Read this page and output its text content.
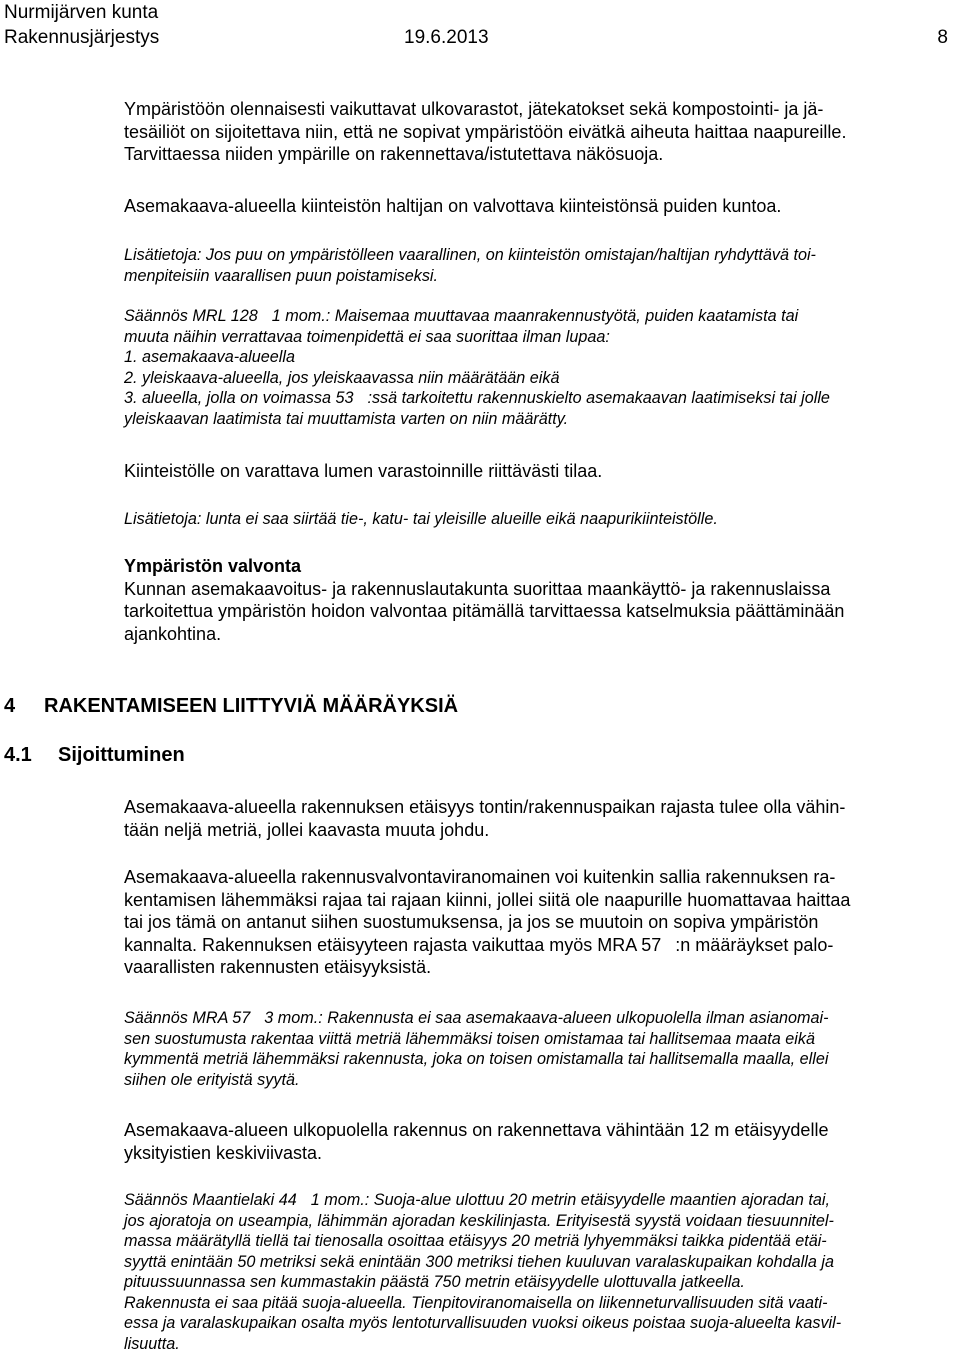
Nurmijärven kunta
Rakennusjärjestys	19.6.2013	8
Ympäristöön olennaisesti vaikuttavat ulkovarastot, jätekatokset sekä kompostointi- ja jä-
tesäiliöt on sijoitettava niin, että ne sopivat ympäristöön eivätkä aiheuta haittaa naapureille.
Tarvittaessa niiden ympärille on rakennettava/istutettava näkösuoja.
Asemakaava-alueella kiinteistön haltijan on valvottava kiinteistönsä puiden kuntoa.
Lisätietoja: Jos puu on ympäristölleen vaarallinen, on kiinteistön omistajan/haltijan ryhdyttävä toi-
menpiteisiin vaarallisen puun poistamiseksi.
Säännös MRL 128 1 mom.: Maisemaa muuttavaa maanrakennustyötä, puiden kaatamista tai
muuta näihin verrattavaa toimenpidettä ei saa suorittaa ilman lupaa:
1. asemakaava-alueella
2. yleiskaava-alueella, jos yleiskaavassa niin määrätään eikä
3. alueella, jolla on voimassa 53 :ssä tarkoitettu rakennuskielto asemakaavan laatimiseksi tai jolle
yleiskaavan laatimista tai muuttamista varten on niin määrätty.
Kiinteistölle on varattava lumen varastoinnille riittävästi tilaa.
Lisätietoja: lunta ei saa siirtää tie-, katu- tai yleisille alueille eikä naapurikiinteistölle.
Ympäristön valvonta
Kunnan asemakaavoitus- ja rakennuslautakunta suorittaa maankäyttö- ja rakennuslaissa
tarkoitettua ympäristön hoidon valvontaa pitämällä tarvittaessa katselmuksia päättäminään
ajankohtina.
4 RAKENTAMISEEN LIITTYVIÄ MÄÄRÄYKSIÄ
4.1 Sijoittuminen
Asemakaava-alueella rakennuksen etäisyys tontin/rakennuspaikan rajasta tulee olla vähin-
tään neljä metriä, jollei kaavasta muuta johdu.
Asemakaava-alueella rakennusvalvontaviranomainen voi kuitenkin sallia rakennuksen ra-
kentamisen lähemmäksi rajaa tai rajaan kiinni, jollei siitä ole naapurille huomattavaa haittaa
tai jos tämä on antanut siihen suostumuksensa, ja jos se muutoin on sopiva ympäristön
kannalta. Rakennuksen etäisyyteen rajasta vaikuttaa myös MRA 57 :n määräykset palo-
vaarallisten rakennusten etäisyyksistä.
Säännös MRA 57 3 mom.: Rakennusta ei saa asemakaava-alueen ulkopuolella ilman asianomai-
sen suostumusta rakentaa viittä metriä lähemmäksi toisen omistamaa tai hallitsemaa maata eikä
kymmentä metriä lähemmäksi rakennusta, joka on toisen omistamalla tai hallitsemalla maalla, ellei
siihen ole erityistä syytä.
Asemakaava-alueen ulkopuolella rakennus on rakennettava vähintään 12 m etäisyydelle
yksityistien keskiviivasta.
Säännös Maantielaki 44 1 mom.: Suoja-alue ulottuu 20 metrin etäisyydelle maantien ajoradan tai,
jos ajoratoja on useampia, lähimmän ajoradan keskilinjasta. Erityisestä syystä voidaan tiesuunnitel-
massa määrätyllä tiellä tai tienosalla osoittaa etäisyys 20 metriä lyhyemmäksi taikka pidentää etäi-
syyttä enintään 50 metriksi sekä enintään 300 metriksi tiehen kuuluvan varalaskupaikan kohdalla ja
pituussuunnassa sen kummastakin päästä 750 metrin etäisyydelle ulottuvalla jatkeella.
Rakennusta ei saa pitää suoja-alueella. Tienpitoviranomaisella on liikenneturvallisuuden sitä vaati-
essa ja varalaskupaikan osalta myös lentoturvallisuuden vuoksi oikeus poistaa suoja-alueelta kasvil-
lisuutta.
